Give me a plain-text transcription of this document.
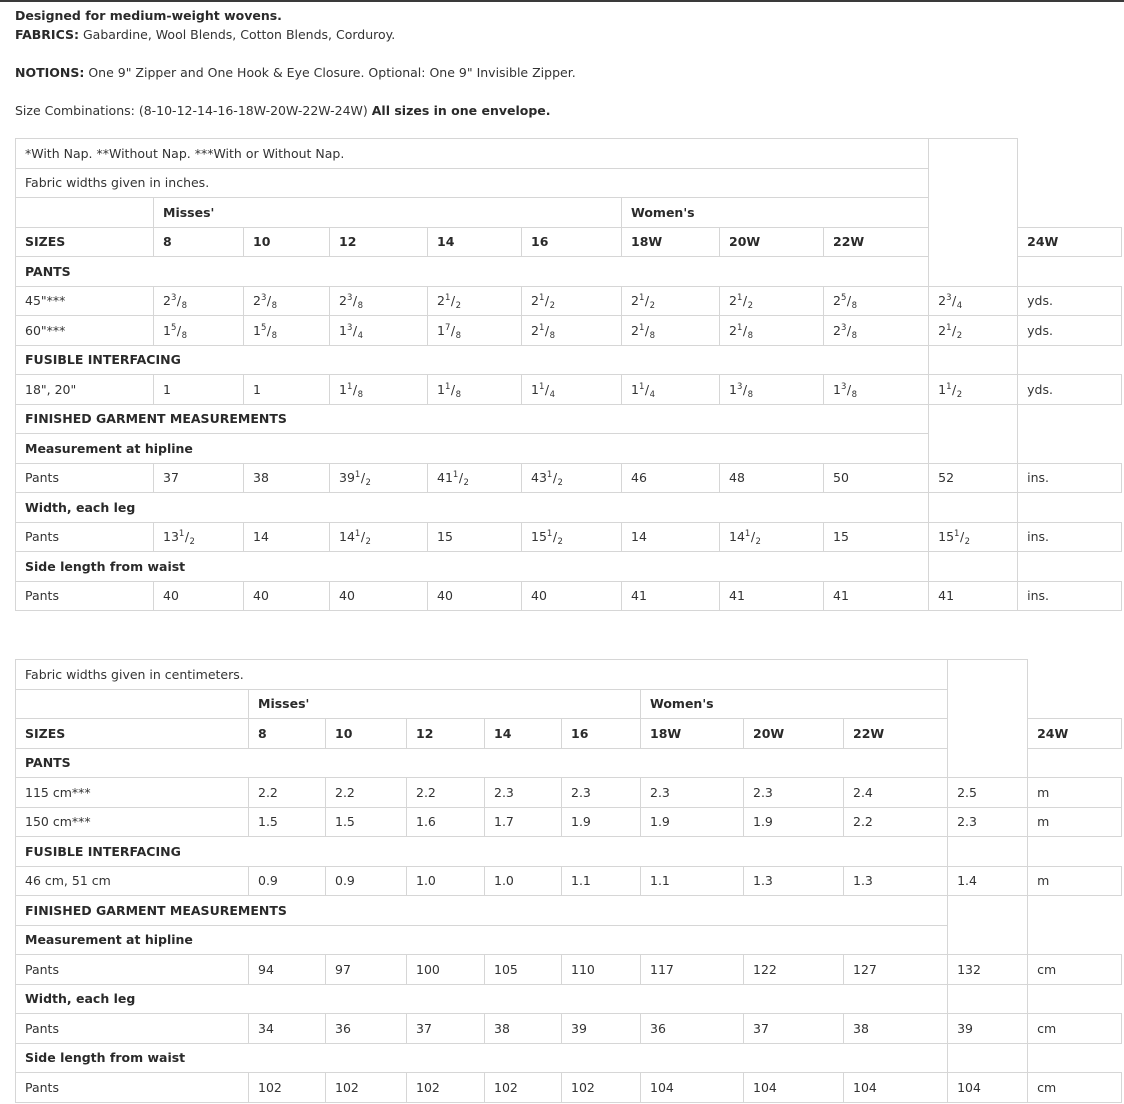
Designed for medium-weight wovens.

FABRICS: Gabardine, Wool Blends, Cotton Blends, Corduroy.

NOTIONS: One 9" Zipper and One Hook & Eye Closure. Optional: One 9" Invisible Zipper.

Size Combinations: (8-10-12-14-16-18W-20W-22W-24W) All sizes in one envelope.

*With Nap. **Without Nap. ***With or Without Nap.										
Fabric widths given in inches.										
	Misses'					Women's				
SIZES	8	10	12	14	16	18W	20W	22W		24W
PANTS										
45"***	$2^3/_8$	$2^3/_8$	$2^3/_8$	$2^1/_2$	$2^1/_2$	$2^1/_2$	$2^1/_2$	$2^5/_8$	$2^3/_4$	yds.
60"***	$1^5/_8$	$1^5/_8$	$1^3/_4$	$1^7/_8$	$2^1/_8$	$2^1/_8$	$2^1/_8$	$2^3/_8$	$2^1/_2$	yds.
FUSIBLE INTERFACING										
18", 20"	1	1	$1^1/_8$	$1^1/_8$	$1^1/_4$	$1^1/_4$	$1^3/_8$	$1^3/_8$	$1^1/_2$	yds.
FINISHED GARMENT MEASUREMENTS										
Measurement at hipline										
Pants	37	38	$39^1/_2$	$41^1/_2$	$43^1/_2$	46	48	50	52	ins.
Width, each leg										
Pants	$13^1/_2$	14	$14^1/_2$	15	$15^1/_2$	14	$14^1/_2$	15	$15^1/_2$	ins.
Side length from waist										
Pants	40	40	40	40	40	41	41	41	41	ins.
Fabric widths given in centimeters.										
	Misses'					Women's				
SIZES	8	10	12	14	16	18W	20W	22W		24W
PANTS										
115 cm***	2.2	2.2	2.2	2.3	2.3	2.3	2.3	2.4	2.5	m
150 cm***	1.5	1.5	1.6	1.7	1.9	1.9	1.9	2.2	2.3	m
FUSIBLE INTERFACING										
46 cm, 51 cm	0.9	0.9	1.0	1.0	1.1	1.1	1.3	1.3	1.4	m
FINISHED GARMENT MEASUREMENTS										
Measurement at hipline										
Pants	94	97	100	105	110	117	122	127	132	cm
Width, each leg										
Pants	34	36	37	38	39	36	37	38	39	cm
Side length from waist										
Pants	102	102	102	102	102	104	104	104	104	cm
